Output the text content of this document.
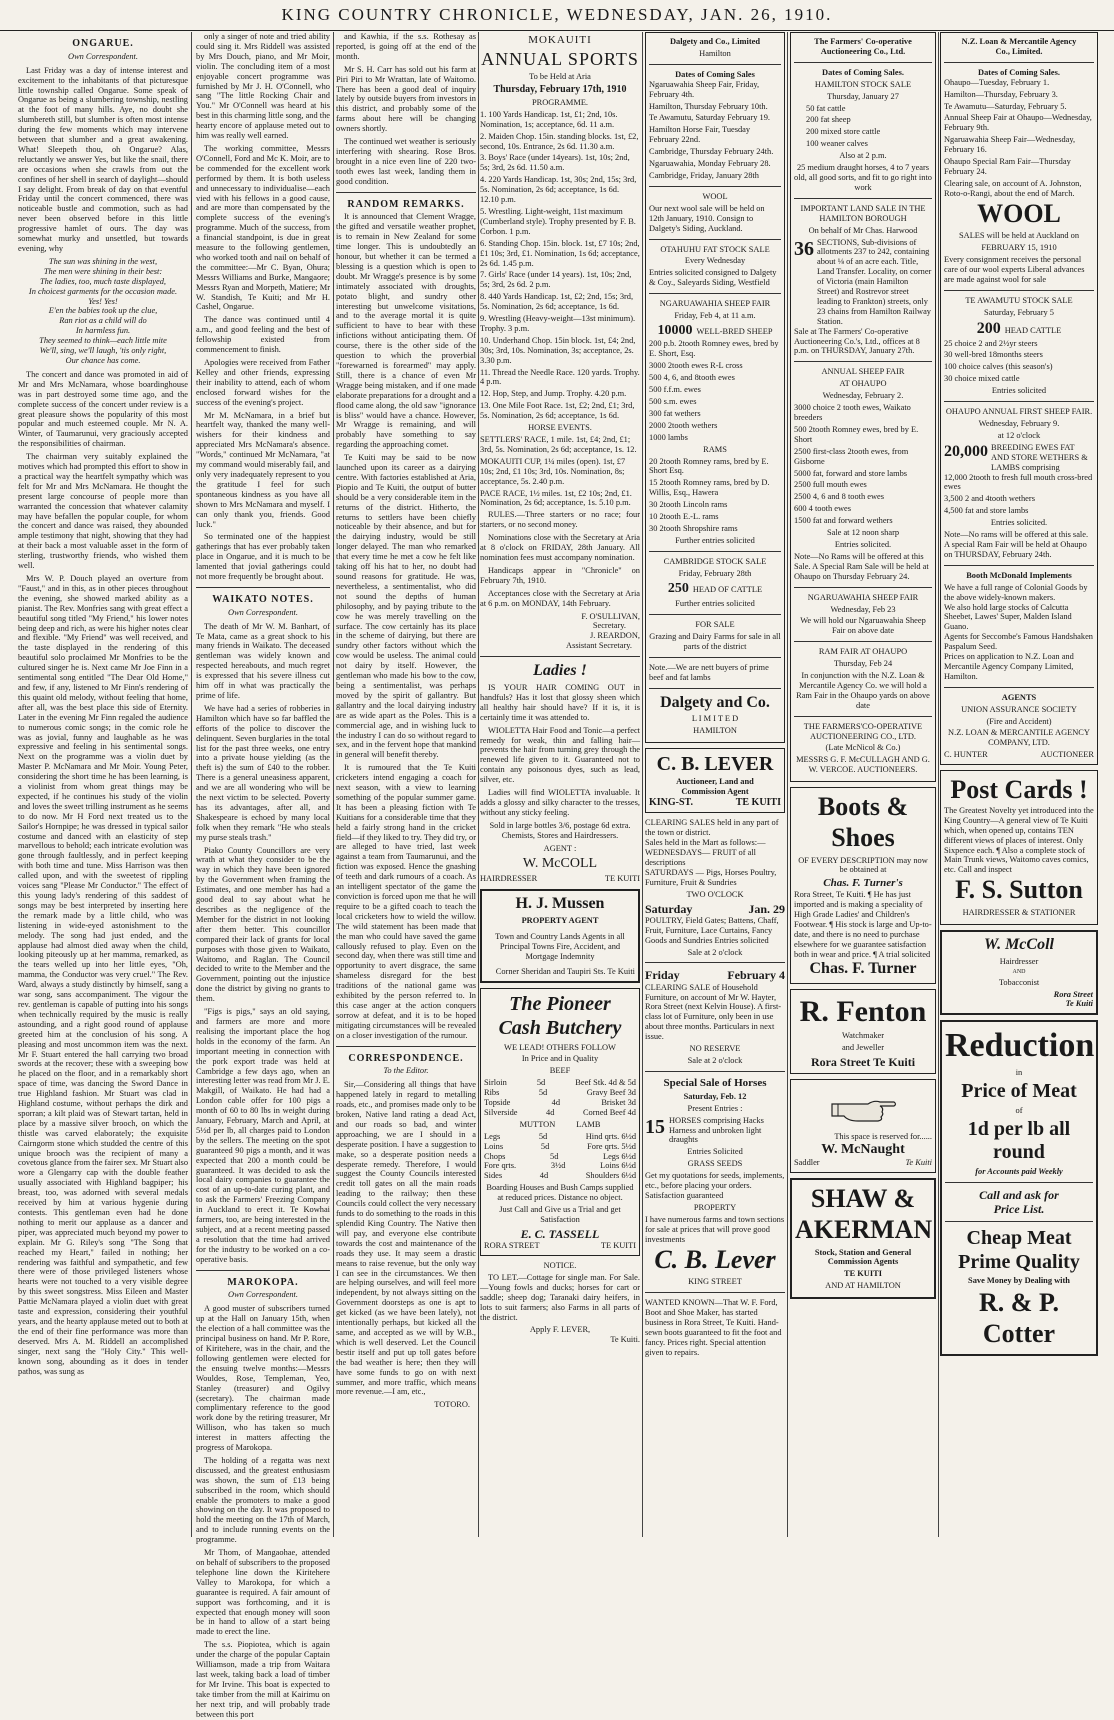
KING COUNTRY CHRONICLE, WEDNESDAY, JAN. 26, 1910.
ONGARUE.
Own Correspondent.

Last Friday was a day of intense interest and excitement to the inhabitants of that picturesque little township called Ongarue. Some speak of Ongarue as being a slumbering township, nestling at the foot of many hills. Aye, no doubt she slumbereth still, but slumber is often most intense during the few moments which may intervene between that slumber and a great awakening. What! Sleepeth thou, oh Ongarue? Alas, reluctantly we answer Yes, but like the snail, there are occasions when she crawls from out the confines of her shell in search of daylight—should I say delight. From break of day on that eventful Friday until the concert commenced, there was noticeable bustle and commotion, such as had never been observed before in this little progressive hamlet of ours. The day was somewhat murky and unsettled, but towards evening, why

The sun was shining in the west,
The men were shining in their best:
The ladies, too, much taste displayed,
In choicest garments for the occasion made.
Yes! Yes!
E'en the babies took up the clue,
Ran riot as a child will do
In harmless fun.
They seemed to think—each little mite
We'll, sing, we'll laugh, 'tis only right,
Our chance has come.

The concert and dance was promoted in aid of Mr and Mrs McNamara, whose boardinghouse was in part destroyed some time ago, and the complete success of the concert under review is a great pleasure shows the popularity of this most popular and much esteemed couple. Mr N. A. Winter, of Taumarunui, very graciously accepted the responsibilities of chairman.

The chairman very suitably explained the motives which had prompted this effort to show in a practical way the heartfelt sympathy which was felt for Mr and Mrs McNamara. He thought the present large concourse of people more than warranted the concession that whatever calamity may have befallen the popular couple, for whom the concert and dance was raised, they abounded ample testimony that night, showing that they had at their back a most valuable asset in the form of sterling, trustworthy friends, who wished them well.

Mrs W. P. Douch played an overture from "Faust," and in this, as in other pieces throughout the evening, she showed marked ability as a pianist. The Rev. Monfries sang with great effect a beautiful song titled "My Friend," his lower notes being deep and rich, as were his higher notes clear and flexible. "My Friend" was well received, and the taste displayed in the rendering of this beautiful solo proclaimed Mr Monfries to be the cultured singer he is. Next came Mr Joe Finn in a sentimental song entitled "The Dear Old Home," and few, if any, listened to Mr Finn's rendering of this quaint old melody, without feeling that home, after all, was the best place this side of Eternity. Later in the evening Mr Finn regaled the audience to numerous comic songs; in the comic role he was as jovial, funny and laughable as he was expressive and feeling in his sentimental songs. Next on the programme was a violin duet by Master P. McNamara and Mr Moir. Young Peter, considering the short time he has been learning, is a violinist from whom great things may be expected, if he continues his study of the violin and loves the sweet trilling instrument as he seems to do now. Mr H Ford next treated us to the Sailor's Hornpipe; he was dressed in typical sailor costume and danced with an elasticity of step marvellous to behold; each intricate evolution was gone through faultlessly, and in perfect keeping with both time and tune. Miss Harrison was then called upon, and with the sweetest of rippling voices sang "Please Mr Conductor." The effect of this young lady's rendering of this saddest of songs may be best interpreted by inserting here the remark made by a little child, who was listening in wide-eyed astonishment to the melody. The song had just ended, and the applause had almost died away when the child, looking piteously up at her mamma, remarked, as the tears welled up into her little eyes, "Oh, mamma, the Conductor was very cruel." The Rev. Ward, always a study distinctly by himself, sang a war song, sans accompaniment. The vigour the rev. gentleman is capable of putting into his songs when technically required by the music is really astounding, and a right good round of applause greeted him at the conclusion of his song. A pleasing and most uncommon item was the next. Mr F. Stuart entered the hall carrying two broad swords at the recover; these with a sweeping bow he placed on the floor, and in a remarkably short space of time, was dancing the Sword Dance in true Highland fashion. Mr Stuart was clad in Highland costume, without perhaps the dirk and sporran; a kilt plaid was of Stewart tartan, held in place by a massive silver brooch, on which the thistle was carved elaborately; the exquisite Cairngorm stone which studded the centre of this unique brooch was the recipient of many a covetous glance from the fairer sex. Mr Stuart also wore a Glengarry cap with the double feather usually associated with Highland bagpiper; his breast, too, was adorned with several medals received by him at various hygenie during contests. This gentleman even had he done nothing to merit our applause as a dancer and piper, was appreciated much beyond my power to explain. Mr G. Riley's song "The Song that reached my Heart," failed in nothing; her rendering was faithful and sympathetic, and few there were of those privileged listeners whose hearts were not touched to a very visible degree by this sweet songstress. Miss Eileen and Master Pattie McNamara played a violin duet with great taste and expression, considering their youthful years, and the hearty applause meted out to both at the end of their fine performance was more than deserved. Mrs A. M. Riddell an accomplished singer, next sang the "Holy City." This well-known song, abounding as it does in tender pathos, was sung as

only a singer of note and tried ability could sing it. Mrs Riddell was assisted by Mrs Douch, piano, and Mr Moir, violin. The concluding item of a most enjoyable concert programme was furnished by Mr J. H. O'Connell, who sang "The little Rocking Chair and You." Mr O'Connell was heard at his best in this charming little song, and the hearty encore of applause meted out to him was really well earned.

The working committee, Messrs O'Connell, Ford and Mc K. Moir, are to be commended for the excellent work performed by them. It is both useless and unnecessary to individualise—each vied with his fellows in a good cause, and are more than compensated by the complete success of the evening's programme. Much of the success, from a financial standpoint, is due in great measure to the following gentlemen, who worked tooth and nail on behalf of the committee:—Mr C. Byan, Ohura; Messrs Williams and Burke, Mangaore; Messrs Ryan and Morpeth, Matiere; Mr W. Standish, Te Kuiti; and Mr H. Cashel, Ongarue.

The dance was continued until 4 a.m., and good feeling and the best of fellowship existed from commencement to finish.

Apologies were received from Father Kelley and other friends, expressing their inability to attend, each of whom enclosed forward wishes for the success of the evening's project.

Mr M. McNamara, in a brief but heartfelt way, thanked the many well-wishers for their kindness and appreciated Mrs McNamara's absence. "Words," continued Mr McNamara, "at my command would miserably fail, and only very inadequately represent to you the gratitude I feel for such spontaneous kindness as you have all shown to Mrs McNamara and myself. I can only thank you, friends. Good luck."

So terminated one of the happiest gatherings that has ever probably taken place in Ongarue, and it is much to be lamented that jovial gatherings could not more frequently be brought about.

WAIKATO NOTES.
Own Correspondent.

The death of Mr W. M. Banhart, of Te Mata, came as a great shock to his many friends in Waikato. The deceased gentleman was widely known and respected hereabouts, and much regret is expressed that his severe illness cut him off in what was practically the prime of life.

We have had a series of robberies in Hamilton which have so far baffled the efforts of the police to discover the delinquent. Seven burglaries in the total list for the past three weeks, one entry into a private house yielding (as the theft is) the sum of £40 to the robber. There is a general uneasiness apparent, and we are all wondering who will be the next victim to be selected. Poverty has its advantages, after all, and Shakespeare is echoed by many local folk when they remark "He who steals my purse steals trash."

Piako County Councillors are very wrath at what they consider to be the way in which they have been ignored by the Government when framing the Estimates, and one member has had a good deal to say about what he describes as the negligence of the Member for the district in not looking after them better. This councillor compared their lack of grants for local purposes with those given to Waikato, Waitomo, and Raglan. The Council decided to write to the Member and the Government, pointing out the injustice done the district by giving no grants to them.

"Figs is pigs," says an old saying, and farmers are more and more realising the important place the hog holds in the economy of the farm. An important meeting in connection with the pork export trade was held at Cambridge a few days ago, when an interesting letter was read from Mr J. E. Makgill, of Waikato. He had had a London cable offer for 100 pigs a month of 60 to 80 lbs in weight during January, February, March and April, at 5½d per lb, all charges paid to London by the sellers. The meeting on the spot guaranteed 90 pigs a month, and it was expected that 200 a month could be guaranteed. It was decided to ask the local dairy companies to guarantee the cost of an up-to-date curing plant, and to ask the Farmers' Freezing Company in Auckland to erect it. Te Kowhai farmers, too, are being interested in the subject, and at a recent meeting passed a resolution that the time had arrived for the industry to be worked on a co-operative basis.

MAROKOPA.
Own Correspondent.

A good muster of subscribers turned up at the Hall on January 15th, when the election of a hall committee was the principal business on hand. Mr P. Rore, of Kiritehere, was in the chair, and the following gentlemen were elected for the ensuing twelve months:—Messrs Wouldes, Rose, Templeman, Yeo, Stanley (treasurer) and Ogilvy (secretary). The chairman made complimentary reference to the good work done by the retiring treasurer, Mr Willison, who has taken so much interest in matters affecting the progress of Marokopa.

The holding of a regatta was next discussed, and the greatest enthusiasm was shown, the sum of £13 being subscribed in the room, which should enable the promoters to make a good showing on the day. It was proposed to hold the meeting on the 17th of March, and to include running events on the programme.

Mr Thom, of Mangaohae, attended on behalf of subscribers to the proposed telephone line down the Kiritehere Valley to Marokopa, for which a guarantee is required. A fair amount of support was forthcoming, and it is expected that enough money will soon be in hand to allow of a start being made to erect the line.

The s.s. Piopiotea, which is again under the charge of the popular Captain Williamson, made a trip from Waitara last week, taking back a load of timber for Mr Irvine. This boat is expected to take timber from the mill at Kairimu on her next trip, and will probably trade between this port

and Kawhia, if the s.s. Rothesay as reported, is going off at the end of the month.

Mr S. H. Carr has sold out his farm at Piri Piri to Mr Wrattan, late of Waitomo. There has been a good deal of inquiry lately by outside buyers from investors in this district, and probably some of the farms about here will be changing owners shortly.

The continued wet weather is seriously interfering with shearing. Rose Bros. brought in a nice even line of 220 two-tooth ewes last week, landing them in good condition.

RANDOM REMARKS.

It is announced that Clement Wragge, the gifted and versatile weather prophet, is to remain in New Zealand for some time longer. This is undoubtedly an honour, but whether it can be termed a blessing is a question which is open to doubt. Mr Wragge's presence is by some intimately associated with droughts, potato blight, and sundry other interesting but unwelcome visitations, and to the average mortal it is quite sufficient to have to bear with these infictions without anticipating them. Of course, there is the other side of the question to which the proverbial "forewarned is forearmed" may apply. Still, there is a chance of even Mr Wragge being mistaken, and if one made elaborate preparations for a drought and a flood came along, the old saw "ignorance is bliss" would have a chance. However, Mr Wragge is remaining, and will probably have something to say regarding the approaching comet.

Te Kuiti may be said to be now launched upon its career as a dairying centre. With factories established at Aria, Piopio and Te Kuiti, the output of butter should be a very considerable item in the returns of the district. Hitherto, the returns to settlers have been chiefly noticeable by their absence, and but for the dairying industry, would be still longer delayed. The man who remarked that every time he met a cow he felt like taking off his hat to her, no doubt had sound reasons for gratitude. He was, nevertheless, a sentimentalist, who did not sound the depths of human philosophy, and by paying tribute to the cow he was merely travelling on the surface. The cow certainly has its place in the scheme of dairying, but there are sundry other factors without which the cow would be useless. The animal could not dairy by itself. However, the gentleman who made his bow to the cow, being a sentimentalist, was perhaps moved by the spirit of gallantry. But gallantry and the local dairying industry are as wide apart as the Poles. This is a commercial age, and in wishing luck to the industry I can do so without regard to sex, and in the fervent hope that mankind in general will benefit thereby.

It is rumoured that the Te Kuiti cricketers intend engaging a coach for next season, with a view to learning something of the popular summer game. It has been a pleasing fiction with Te Kuitians for a considerable time that they held a fairly strong hand in the cricket field—if they liked to try. They did try, or are alleged to have tried, last week against a team from Taumarunui, and the fiction was exposed. Hence the gnashing of teeth and dark rumours of a coach. As an intelligent spectator of the game the conviction is forced upon me that he will require to be a gifted coach to teach the local cricketers how to wield the willow. The wild statement has been made that the man who could have saved the game callously refused to play. Even on the second day, when there was still time and opportunity to avert disgrace, the same shameless disregard for the best traditions of the national game was exhibited by the person referred to. In this case anger at the action conquers sorrow at defeat, and it is to be hoped mitigating circumstances will be revealed on a closer investigation of the rumour.

CORRESPONDENCE.
To the Editor.

Sir,—Considering all things that have happened lately in regard to metalling roads, etc., and promises made only to be broken, Native land rating a dead Act, and our roads so bad, and winter approaching, we are I should in a desperate position. I have a suggestion to make, so a desperate position needs a desperate remedy. Therefore, I would suggest the County Councils interested credit toll gates on all the main roads leading to the railway; then these Councils could collect the very necessary funds to do something to the roads in this splendid King Country. The Native then will pay, and everyone else contribute towards the cost and maintenance of the roads they use. It may seem a drastic means to raise revenue, but the only way I can see in the circumstances. We then are helping ourselves, and will feel more independent, by not always sitting on the Government doorsteps as one is apt to get kicked (as we have been lately), not intentionally perhaps, but kicked all the same, and accepted as we will by W.B., which is well deserved. Let the Council bestir itself and put up toll gates before the bad weather is here; then they will have some funds to go on with next summer, and more traffic, which means more revenue.—I am, etc.,

TOTORO.
MOKAUITI
ANNUAL SPORTS
To be Held at Aria
Thursday, February 17th, 1910
PROGRAMME.
1. 100 Yards Handicap. 1st, £1; 2nd, 10s. Nomination, 1s; acceptance, 6d. 11 a.m.
2. Maiden Chop. 15in. standing blocks. 1st, £2, second, 10s. Entrance, 2s 6d. 11.30 a.m.
3. Boys' Race (under 14years). 1st, 10s; 2nd, 5s; 3rd, 2s 6d. 11.50 a.m.
4. 220 Yards Handicap. 1st, 30s; 2nd, 15s; 3rd, 5s. Nomination, 2s 6d; acceptance, 1s 6d. 12.10 p.m.
5. Wrestling. Light-weight, 11st maximum (Cumberland style). Trophy presented by F. B. Corbon. 1 p.m.
6. Standing Chop. 15in. block. 1st, £7 10s; 2nd, £1 10s; 3rd, £1. Nomination, 1s 6d; acceptance, 2s 6d. 1.45 p.m.
7. Girls' Race (under 14 years). 1st, 10s; 2nd, 5s; 3rd, 2s 6d. 2 p.m.
8. 440 Yards Handicap. 1st, £2; 2nd, 15s; 3rd, 5s. Nomination, 2s 6d; acceptance, 1s 6d.
9. Wrestling (Heavy-weight—13st minimum). Trophy. 3 p.m.
10. Underhand Chop. 15in block. 1st, £4; 2nd, 30s; 3rd, 10s. Nomination, 3s; acceptance, 2s. 3.30 p.m.
11. Thread the Needle Race. 120 yards. Trophy. 4 p.m.
12. Hop, Step, and Jump. Trophy. 4.20 p.m.
13. One Mile Foot Race. 1st, £2; 2nd, £1; 3rd, 5s. Nomination, 2s 6d; acceptance, 1s 6d.
HORSE EVENTS.
SETTLERS' RACE, 1 mile. 1st, £4; 2nd, £1; 3rd, 5s. Nomination, 2s 6d; acceptance, 1s. 12.
MOKAUITI CUP, 1¼ miles (open). 1st, £7 10s; 2nd, £1 10s; 3rd, 10s. Nomination, 8s; acceptance, 5s. 2.40 p.m.
PACE RACE, 1½ miles. 1st, £2 10s; 2nd, £1. Nomination, 2s 6d; acceptance, 1s. 5.10 p.m.

RULES.—Three starters or no race; four starters, or no second money.

Nominations close with the Secretary at Aria at 8 o'clock on FRIDAY, 28th January. All nomination fees must accompany nomination.

Handicaps appear in "Chronicle" on February 7th, 1910.

Acceptances close with the Secretary at Aria at 6 p.m. on MONDAY, 14th February.

F. O'SULLIVAN,
Secretary.
J. REARDON,
Assistant Secretary.
Ladies !

IS YOUR HAIR COMING OUT in handfuls? Has it lost that glossy sheen which all healthy hair should have? If it is, it is certainly time it was attended to.

WIOLETTA Hair Food and Tonic—a perfect remedy for weak, thin and falling hair—prevents the hair from turning grey through the renewed life given to it. Guaranteed not to contain any poisonous dyes, such as lead, silver, etc.

Ladies will find WIOLETTA invaluable. It adds a glossy and silky character to the tresses, without any sticky feeling.

Sold in large bottles 3/6, postage 6d extra. Chemists, Stores and Hairdressers.

AGENT :
W. McCOLL
HAIRDRESSER	TE KUITI
H. J. Mussen
PROPERTY AGENT
Town and Country Lands Agents in all Principal Towns Fire, Accident, and Mortgage Indemnity
Corner Sheridan and Taupiri Sts. Te Kuiti
The Pioneer
Cash Butchery
WE LEAD! OTHERS FOLLOW
In Price and in Quality
BEEF
Sirloin	5d	Beef Stk. 4d & 5d
Ribs	5d	Gravy Beef 3d
Topside	4d	Brisket 3d
Silverside	4d	Corned Beef 4d
MUTTON          LAMB
Legs	5d	Hind qrts. 6½d
Loins	5d	Fore qrts. 5½d
Chops	5d	Legs 6½d
Fore qrts.	3½d	Loins 6½d
Sides	4d	Shoulders 6½d
Boarding Houses and Bush Camps supplied at reduced prices. Distance no object.
Just Call and Give us a Trial and get Satisfaction
E. C. TASSELL
RORA STREET	TE KUITI
NOTICE.

TO LET.—Cottage for single man. For Sale.—Young fowls and ducks; horses for cart or saddle; sheep dog; Taranaki dairy heifers, in lots to suit farmers; also Farms in all parts of the district.

Apply F. LEVER,
Te Kuiti.
Dalgety and Co., Limited
Hamilton
Dates of Coming Sales
Ngaruawahia Sheep Fair, Friday, February 4th.
Hamilton, Thursday February 10th.
Te Awamutu, Saturday February 19.
Hamilton Horse Fair, Tuesday February 22nd.
Cambridge, Thursday February 24th.
Ngaruawahia, Monday February 28.
Cambridge, Friday, January 28th
WOOL
Our next wool sale will be held on 12th January, 1910. Consign to Dalgety's Siding, Auckland.
OTAHUHU FAT STOCK SALE
Every Wednesday
Entries solicited consigned to Dalgety & Coy., Saleyards Siding, Westfield
NGARUAWAHIA SHEEP FAIR
Friday, Feb 4, at 11 a.m.
10000 WELL-BRED SHEEP
200 p.b. 2tooth Romney ewes, bred by E. Short, Esq.
3000 2tooth ewes R-L cross
500 4, 6, and 8tooth ewes
500 f.f.m. ewes
500 s.m. ewes
300 fat wethers
2000 2tooth wethers
1000 lambs
RAMS
20 2tooth Romney rams, bred by E. Short Esq.
15 2tooth Romney rams, bred by D. Willis, Esq., Hawera
30 2tooth Lincoln rams
10 2tooth E.-L. rams
30 2tooth Shropshire rams
Further entries solicited
CAMBRIDGE STOCK SALE
Friday, February 28th
250 HEAD OF CATTLE
Further entries solicited
FOR SALE
Grazing and Dairy Farms for sale in all parts of the district
Note.—We are nett buyers of prime beef and fat lambs
Dalgety and Co.
L I M I T E D
HAMILTON
C. B. LEVER
Auctioneer, Land and
Commission Agent
KING-ST.	TE KUITI
CLEARING SALES held in any part of the town or district.
Sales held in the Mart as follows:—
WEDNESDAYS— FRUIT of all descriptions
SATURDAYS — Pigs, Horses Poultry, Furniture, Fruit & Sundries
TWO O'CLOCK
Saturday	Jan. 29
POULTRY, Field Gates; Battens, Chaff, Fruit, Furniture, Lace Curtains, Fancy Goods and Sundries Entries solicited
Sale at 2 o'clock
Friday	February 4
CLEARING SALE of Household Furniture, on account of Mr W. Hayter, Rora Street (next Kelvin House). A first-class lot of Furniture, only been in use about three months. Particulars in next issue.
NO RESERVE
Sale at 2 o'clock
Special Sale of Horses
Saturday, Feb. 12
Present Entries :
15 HORSES comprising Hacks Harness and unbroken light draughts
Entries Solicited
GRASS SEEDS
Get my quotations for seeds, implements, etc., before placing your orders. Satisfaction guaranteed
PROPERTY
I have numerous farms and town sections for sale at prices that will prove good investments
C. B. Lever
KING STREET
WANTED KNOWN—That W. F. Ford, Boot and Shoe Maker, has started business in Rora Street, Te Kuiti. Hand-sewn boots guaranteed to fit the foot and fancy. Prices right. Special attention given to repairs.
The Farmers' Co-operative
Auctioneering Co., Ltd.
Dates of Coming Sales.
HAMILTON STOCK SALE
Thursday, January 27
50 fat cattle
200 fat sheep
200 mixed store cattle
100 weaner calves
Also at 2 p.m.
25 medium draught horses, 4 to 7 years old, all good sorts, and fit to go right into work
IMPORTANT LAND SALE IN THE HAMILTON BOROUGH
On behalf of Mr Chas. Harwood
36 SECTIONS, Sub-divisions of allotments 237 to 242, containing about ⅛ of an acre each. Title, Land Transfer. Locality, on corner of Victoria (main Hamilton Street) and Rostrevor street leading to Frankton) streets, only 23 chains from Hamilton Railway Station.
Sale at The Farmers' Co-operative Auctioneering Co.'s, Ltd., offices at 8 p.m. on THURSDAY, January 27th.
ANNUAL SHEEP FAIR
AT OHAUPO
Wednesday, February 2.
3000 choice 2 tooth ewes, Waikato breeders
500 2tooth Romney ewes, bred by E. Short
2500 first-class 2tooth ewes, from Gisborne
5000 fat, forward and store lambs
2500 full mouth ewes
2500 4, 6 and 8 tooth ewes
600 4 tooth ewes
1500 fat and forward wethers
Sale at 12 noon sharp
Entries solicited.
Note—No Rams will be offered at this Sale. A Special Ram Sale will be held at Ohaupo on Thursday February 24.
NGARUAWAHIA SHEEP FAIR
Wednesday, Feb 23
We will hold our Ngaruawahia Sheep Fair on above date
RAM FAIR AT OHAUPO
Thursday, Feb 24
In conjunction with the N.Z. Loan & Mercantile Agency Co. we will hold a Ram Fair in the Ohaupo yards on above date
THE FARMERS'CO-OPERATIVE AUCTIONEERING CO., LTD.
(Late McNicol & Co.)
MESSRS G. F. McCULLAGH AND G. W. VERCOE. AUCTIONEERS.
Boots & Shoes
OF EVERY DESCRIPTION may now be obtained at
Chas. F. Turner's
Rora Street, Te Kuiti. ¶ He has just imported and is making a speciality of High Grade Ladies' and Children's Footwear. ¶ His stock is large and Up-to-date, and there is no need to purchase elsewhere for we guarantee satisfaction both in wear and price. ¶ A trial solicited
Chas. F. Turner
R. Fenton
Watchmaker
and Jeweller
Rora Street Te Kuiti
This space is reserved for......
W. McNaught
Saddler	Te Kuiti
SHAW &
AKERMAN
Stock, Station and General Commission Agents
TE KUITI
AND AT HAMILTON
N.Z. Loan & Mercantile Agency
Co., Limited.
Dates of Coming Sales.
Ohaupo—Tuesday, February 1.
Hamilton—Thursday, February 3.
Te Awamutu—Saturday, February 5.
Annual Sheep Fair at Ohaupo—Wednesday, February 9th.
Ngaruawahia Sheep Fair—Wednesday, February 16.
Ohaupo Special Ram Fair—Thursday February 24.
Clearing sale, on account of A. Johnston, Roto-o-Rangi, about the end of March.
WOOL
SALES will be held at Auckland on
FEBRUARY 15, 1910
Every consignment receives the personal care of our wool experts Liberal advances are made against wool for sale
TE AWAMUTU STOCK SALE
Saturday, February 5
200 HEAD CATTLE
25 choice 2 and 2½yr steers
30 well-bred 18months steers
100 choice calves (this season's)
30 choice mixed cattle
Entries solicited
OHAUPO ANNUAL FIRST SHEEP FAIR.
Wednesday, February 9.
at 12 o'clock
20,000 BREEDING EWES FAT AND STORE WETHERS & LAMBS comprising
12,000 2tooth to fresh full mouth cross-bred ewes
3,500 2 and 4tooth wethers
4,500 fat and store lambs
Entries solicited.
Note—No rams will be offered at this sale. A special Ram Fair will be held at Ohaupo on THURSDAY, February 24th.
Booth McDonald Implements
We have a full range of Colonial Goods by the above widely-known makers.
We also hold large stocks of Calcutta Sheebet, Lawes' Super, Malden Island Guano.
Agents for Seccombe's Famous Handshaken Paspalum Seed.
Prices on application to N.Z. Loan and Mercantile Agency Company Limited, Hamilton.
AGENTS
UNION ASSURANCE SOCIETY
(Fire and Accident)
N.Z. LOAN & MERCANTILE AGENCY COMPANY, LTD.
C. HUNTER	AUCTIONEER
Post Cards !
The Greatest Novelty yet introduced into the King Country—A general view of Te Kuiti which, when opened up, contains TEN different views of places of interest. Only Sixpence each. ¶ Also a complete stock of Main Trunk views, Waitomo caves comics, etc. Call and inspect
F. S. Sutton
HAIRDRESSER & STATIONER
W. McColl
Hairdresser
AND
Tobacconist
Rora Street
Te Kuiti
Reduction
in
Price of Meat
of
1d per lb all round
for Accounts paid Weekly
Call and ask for
Price List.
Cheap Meat
Prime Quality
Save Money by Dealing with
R. & P. Cotter
